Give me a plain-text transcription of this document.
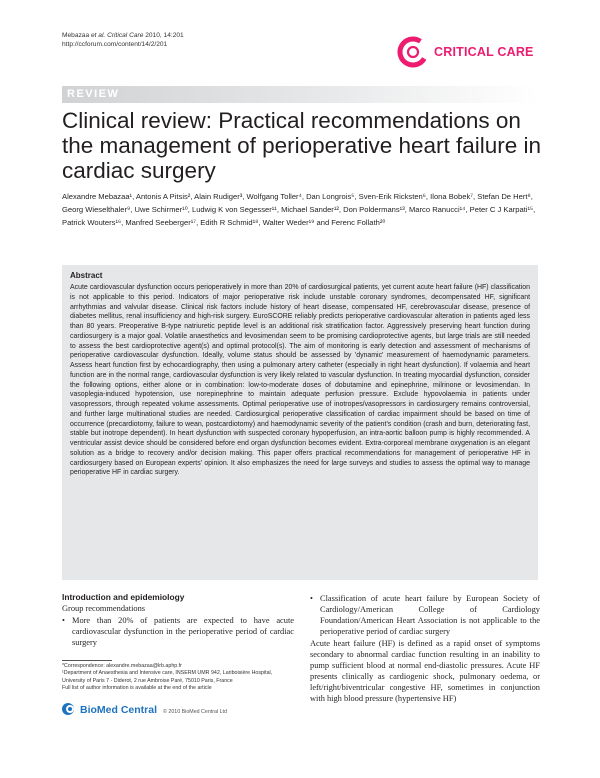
Mebazaa et al. Critical Care 2010, 14:201
http://ccforum.com/content/14/2/201
CRITICAL CARE
REVIEW
Clinical review: Practical recommendations on the management of perioperative heart failure in cardiac surgery

Alexandre Mebazaa¹, Antonis A Pitsis², Alain Rudiger³, Wolfgang Toller⁴, Dan Longrois⁵, Sven-Erik Ricksten⁶, Ilona Bobek⁷, Stefan De Hert⁸, Georg Wieselthaler⁹, Uwe Schirmer¹⁰, Ludwig K von Segesser¹¹, Michael Sander¹², Don Poldermans¹³, Marco Ranucci¹⁴, Peter C J Karpati¹⁵, Patrick Wouters¹⁶, Manfred Seeberger¹⁷, Edith R Schmid¹⁸, Walter Weder¹⁹ and Ferenc Follath²⁰

Abstract

Acute cardiovascular dysfunction occurs perioperatively in more than 20% of cardiosurgical patients, yet current acute heart failure (HF) classification is not applicable to this period. Indicators of major perioperative risk include unstable coronary syndromes, decompensated HF, significant arrhythmias and valvular disease. Clinical risk factors include history of heart disease, compensated HF, cerebrovascular disease, presence of diabetes mellitus, renal insufficiency and high-risk surgery. EuroSCORE reliably predicts perioperative cardiovascular alteration in patients aged less than 80 years. Preoperative B-type natriuretic peptide level is an additional risk stratification factor. Aggressively preserving heart function during cardiosurgery is a major goal. Volatile anaesthetics and levosimendan seem to be promising cardioprotective agents, but large trials are still needed to assess the best cardioprotective agent(s) and optimal protocol(s). The aim of monitoring is early detection and assessment of mechanisms of perioperative cardiovascular dysfunction. Ideally, volume status should be assessed by 'dynamic' measurement of haemodynamic parameters. Assess heart function first by echocardiography, then using a pulmonary artery catheter (especially in right heart dysfunction). If volaemia and heart function are in the normal range, cardiovascular dysfunction is very likely related to vascular dysfunction. In treating myocardial dysfunction, consider the following options, either alone or in combination: low-to-moderate doses of dobutamine and epinephrine, milrinone or levosimendan. In vasoplegia-induced hypotension, use norepinephrine to maintain adequate perfusion pressure. Exclude hypovolaemia in patients under vasopressors, through repeated volume assessments. Optimal perioperative use of inotropes/vasopressors in cardiosurgery remains controversial, and further large multinational studies are needed. Cardiosurgical perioperative classification of cardiac impairment should be based on time of occurrence (precardiotomy, failure to wean, postcardiotomy) and haemodynamic severity of the patient's condition (crash and burn, deteriorating fast, stable but inotrope dependent). In heart dysfunction with suspected coronary hypoperfusion, an intra-aortic balloon pump is highly recommended. A ventricular assist device should be considered before end organ dysfunction becomes evident. Extra-corporeal membrane oxygenation is an elegant solution as a bridge to recovery and/or decision making. This paper offers practical recommendations for management of perioperative HF in cardiosurgery based on European experts' opinion. It also emphasizes the need for large surveys and studies to assess the optimal way to manage perioperative HF in cardiac surgery.

Introduction and epidemiology

Group recommendations

• More than 20% of patients are expected to have acute cardiovascular dysfunction in the perioperative period of cardiac surgery
• Classification of acute heart failure by European Society of Cardiology/American College of Cardiology Foundation/American Heart Association is not applicable to the perioperative period of cardiac surgery

Acute heart failure (HF) is defined as a rapid onset of symptoms secondary to abnormal cardiac function resulting in an inability to pump sufficient blood at normal end-diastolic pressures. Acute HF presents clinically as cardiogenic shock, pulmonary oedema, or left/right/biventricular congestive HF, sometimes in conjunction with high blood pressure (hypertensive HF)

*Correspondence: alexandre.mebazaa@lrb.aphp.fr

¹Department of Anaesthesia and Intensive care, INSERM UMR 942, Lariboisière Hospital, University of Paris 7 - Diderot, 2 rue Ambroise Paré, 75010 Paris, France

Full list of author information is available at the end of the article

BioMed Central © 2010 BioMed Central Ltd
